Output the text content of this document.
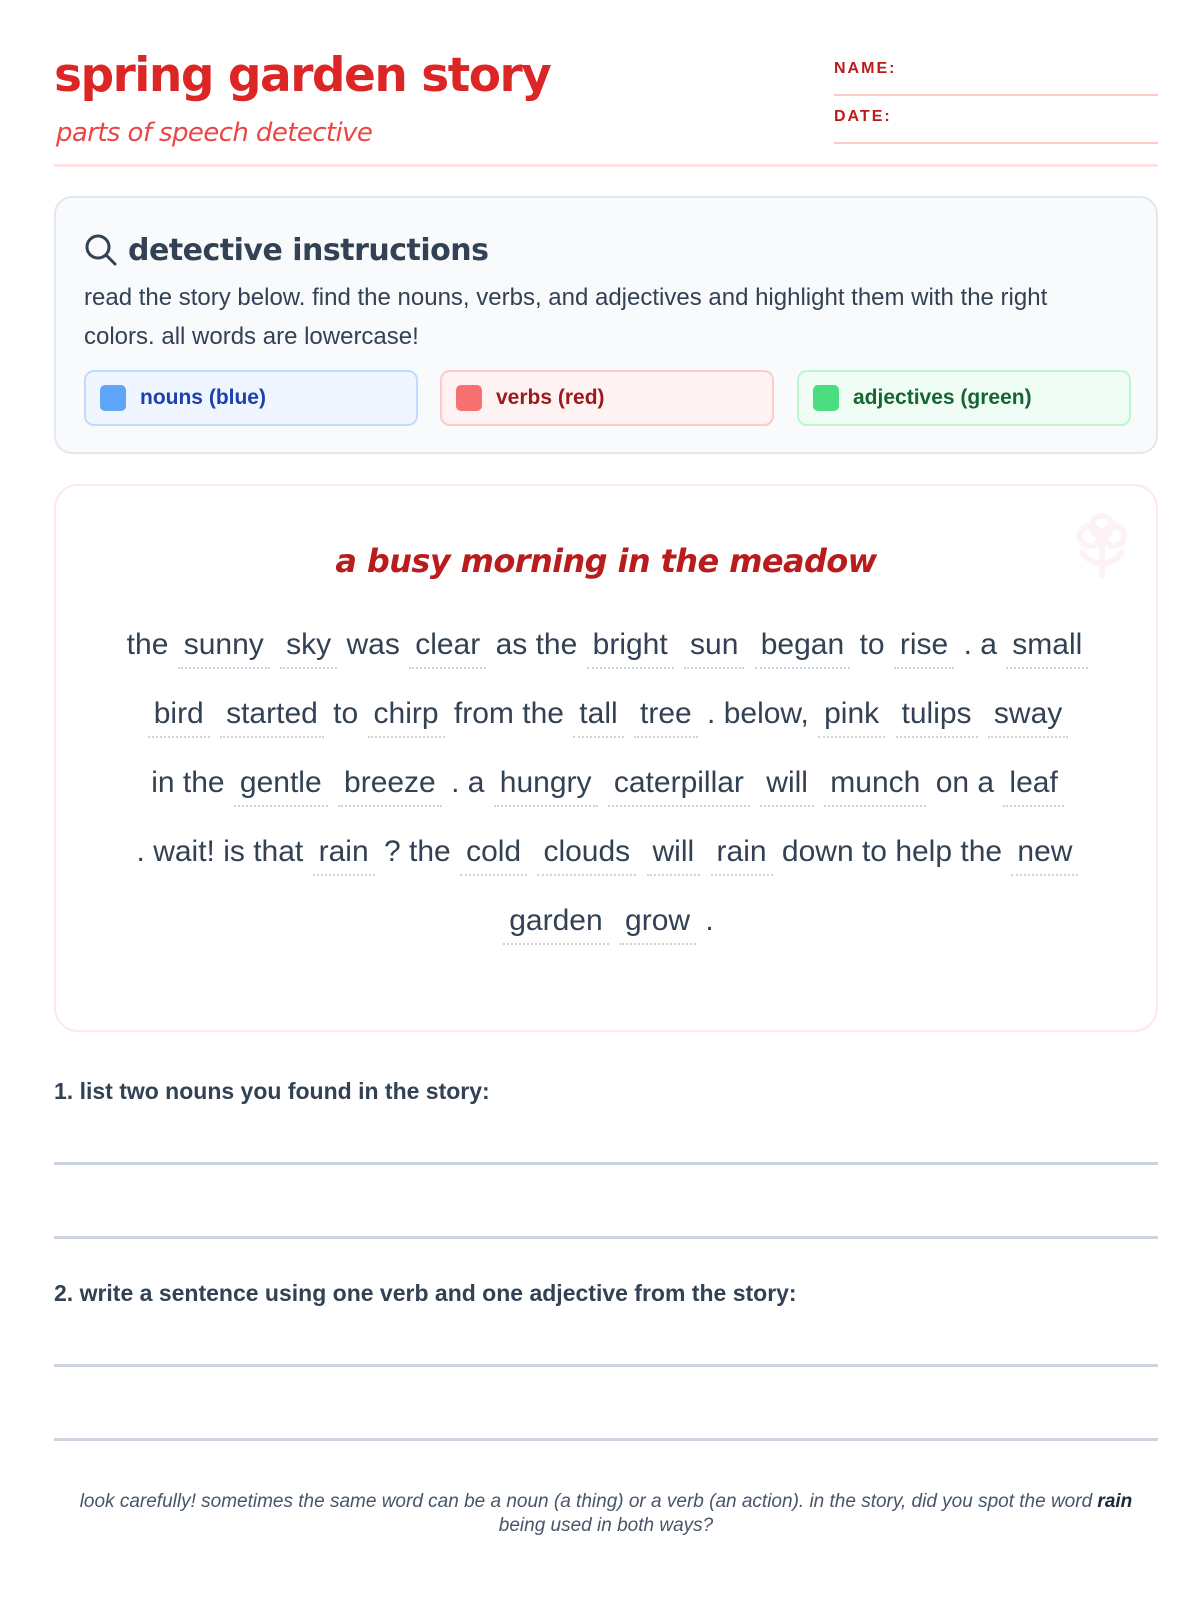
spring garden story
parts of speech detective
NAME:
DATE:
detective instructions
read the story below. find the nouns, verbs, and adjectives and highlight them with the right colors. all words are lowercase!
nouns (blue)	verbs (red)	adjectives (green)
a busy morning in the meadow
the sunny sky was clear as the bright sun began to rise . a small bird started to chirp from the tall tree . below, pink tulips sway in the gentle breeze . a hungry caterpillar will munch on a leaf . wait! is that rain ? the cold clouds will rain down to help the new garden grow .
1. list two nouns you found in the story:
2. write a sentence using one verb and one adjective from the story:
look carefully! sometimes the same word can be a noun (a thing) or a verb (an action). in the story, did you spot the word rain being used in both ways?
